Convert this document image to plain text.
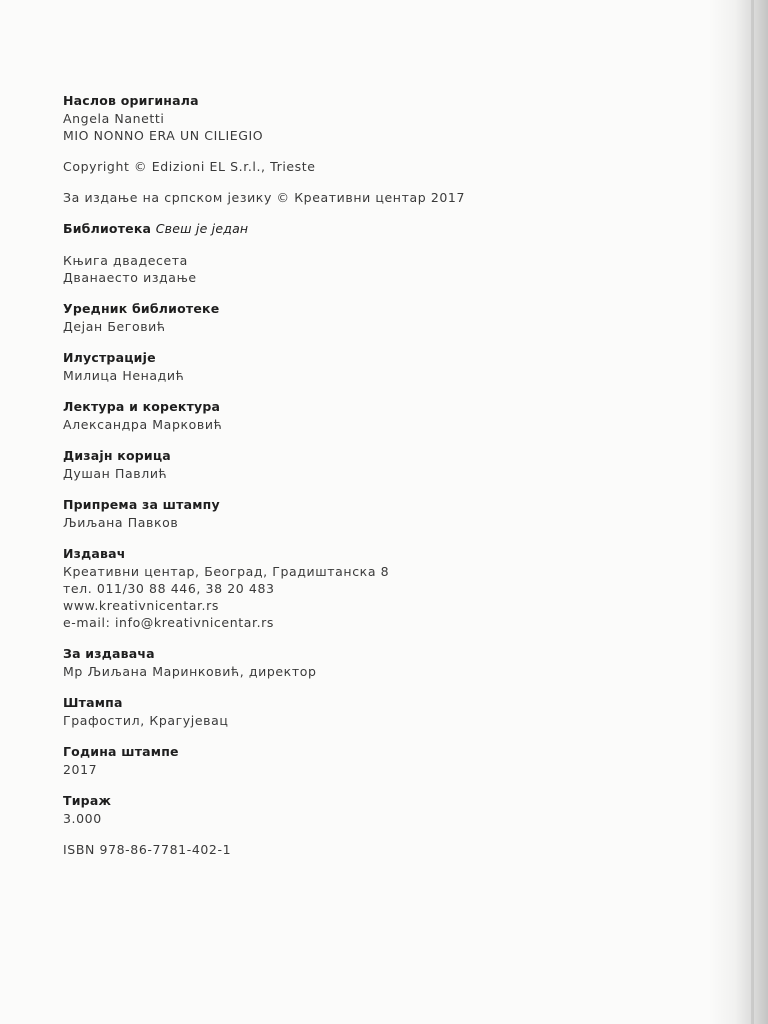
Наслов оригинала
Angela Nanetti
MIO NONNO ERA UN CILIEGIO
Copyright © Edizioni EL S.r.l., Trieste
За издање на српском језику © Креативни центар 2017
Библиотека Свеш је један
Књига двадесета
Дванаесто издање
Уредник библиотеке
Дејан Беговић
Илустрације
Милица Ненадић
Лектура и коректура
Александра Марковић
Дизајн корица
Душан Павлић
Припрема за штампу
Љиљана Павков
Издавач
Креативни центар, Београд, Градиштанска 8
тел. 011/30 88 446, 38 20 483
www.kreativnicentar.rs
e-mail: info@kreativnicentar.rs
За издавача
Мр Љиљана Маринковић, директор
Штампа
Графостил, Крагујевац
Година штампе
2017
Тираж
3.000
ISBN 978-86-7781-402-1
